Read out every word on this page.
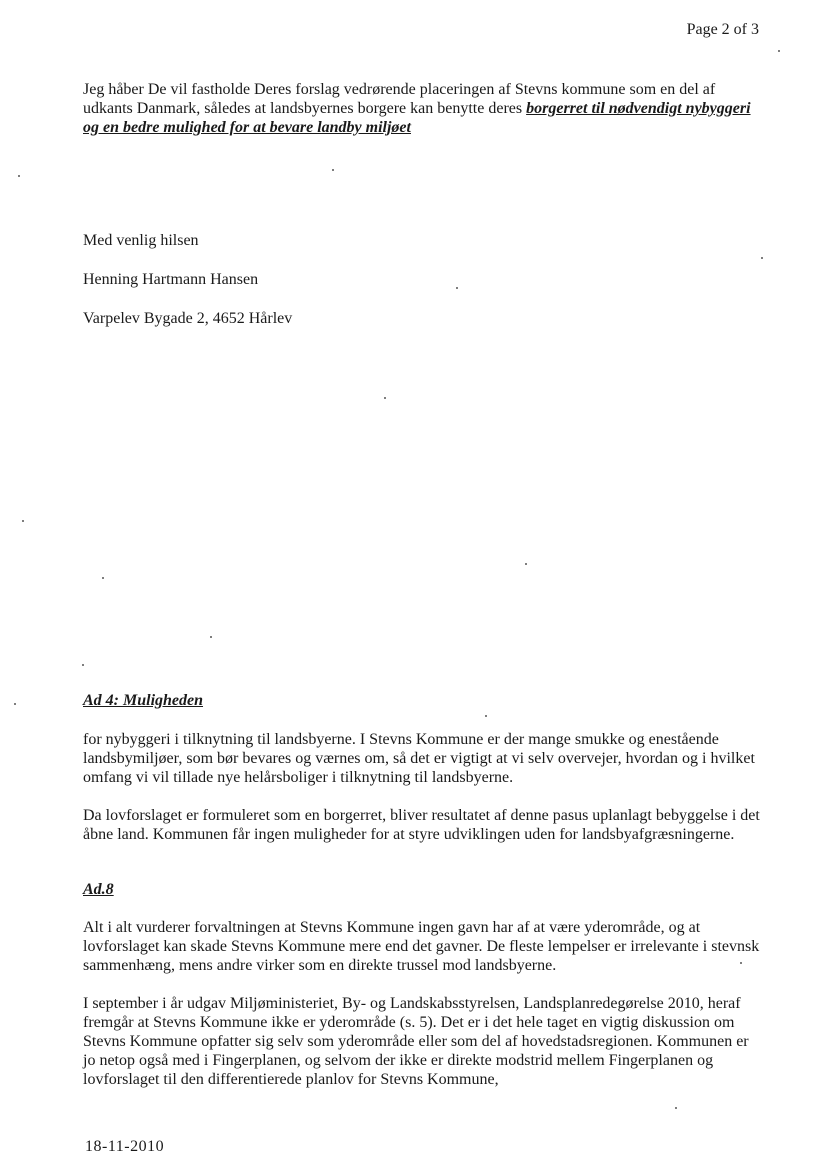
Page 2 of 3
Jeg håber De vil fastholde Deres forslag vedrørende placeringen af Stevns kommune som en del af udkants Danmark, således at landsbyernes borgere kan benytte deres borgerret til nødvendigt nybyggeri og en bedre mulighed for at bevare landby miljøet
Med venlig hilsen
Henning Hartmann Hansen
Varpelev Bygade 2, 4652 Hårlev
Ad 4: Muligheden
for nybyggeri i tilknytning til landsbyerne. I Stevns Kommune er der mange smukke og enestående landsbymiljøer, som bør bevares og værnes om, så det er vigtigt at vi selv overvejer, hvordan og i hvilket omfang vi vil tillade nye helårsboliger i tilknytning til landsbyerne.
Da lovforslaget er formuleret som en borgerret, bliver resultatet af denne pasus uplanlagt bebyggelse i det åbne land. Kommunen får ingen muligheder for at styre udviklingen uden for landsbyafgræsningerne.
Ad.8
Alt i alt vurderer forvaltningen at Stevns Kommune ingen gavn har af at være yderområde, og at lovforslaget kan skade Stevns Kommune mere end det gavner. De fleste lempelser er irrelevante i stevnsk sammenhæng, mens andre virker som en direkte trussel mod landsbyerne.
I september i år udgav Miljøministeriet, By- og Landskabsstyrelsen, Landsplanredegørelse 2010, heraf fremgår at Stevns Kommune ikke er yderområde (s. 5). Det er i det hele taget en vigtig diskussion om Stevns Kommune opfatter sig selv som yderområde eller som del af hovedstadsregionen. Kommunen er jo netop også med i Fingerplanen, og selvom der ikke er direkte modstrid mellem Fingerplanen og lovforslaget til den differentierede planlov for Stevns Kommune,
18-11-2010
